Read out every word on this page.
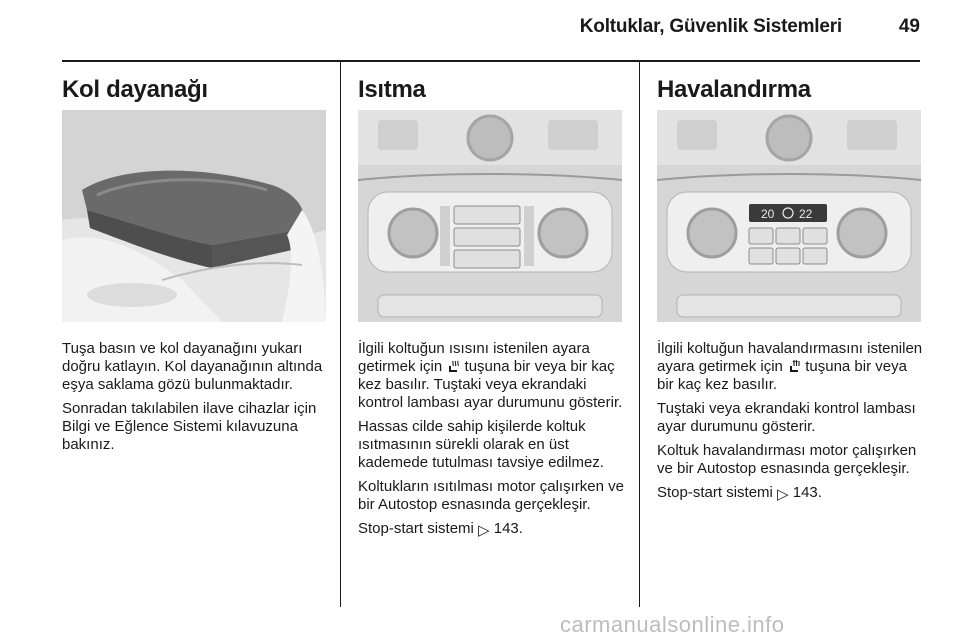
Koltuklar, Güvenlik Sistemleri	49
Kol dayanağı

Tuşa basın ve kol dayanağını yukarı doğru katlayın. Kol dayanağının altında eşya saklama gözü bulunmaktadır.

Sonradan takılabilen ilave cihazlar için Bilgi ve Eğlence Sistemi kılavuzuna bakınız.

Isıtma

İlgili koltuğun ısısını istenilen ayara getirmek için  tuşuna bir veya bir kaç kez basılır. Tuştaki veya ekrandaki kontrol lambası ayar durumunu gösterir.

Hassas cilde sahip kişilerde koltuk ısıtmasının sürekli olarak en üst kademede tutulması tavsiye edilmez.

Koltukların ısıtılması motor çalışırken ve bir Autostop esnasında gerçekleşir.

Stop-start sistemi ▷ 143.

Havalandırma
20 22

İlgili koltuğun havalandırmasını istenilen ayara getirmek için  tuşuna bir veya bir kaç kez basılır.

Tuştaki veya ekrandaki kontrol lambası ayar durumunu gösterir.

Koltuk havalandırması motor çalışırken ve bir Autostop esnasında gerçekleşir.

Stop-start sistemi ▷ 143.

carmanualsonline.info
